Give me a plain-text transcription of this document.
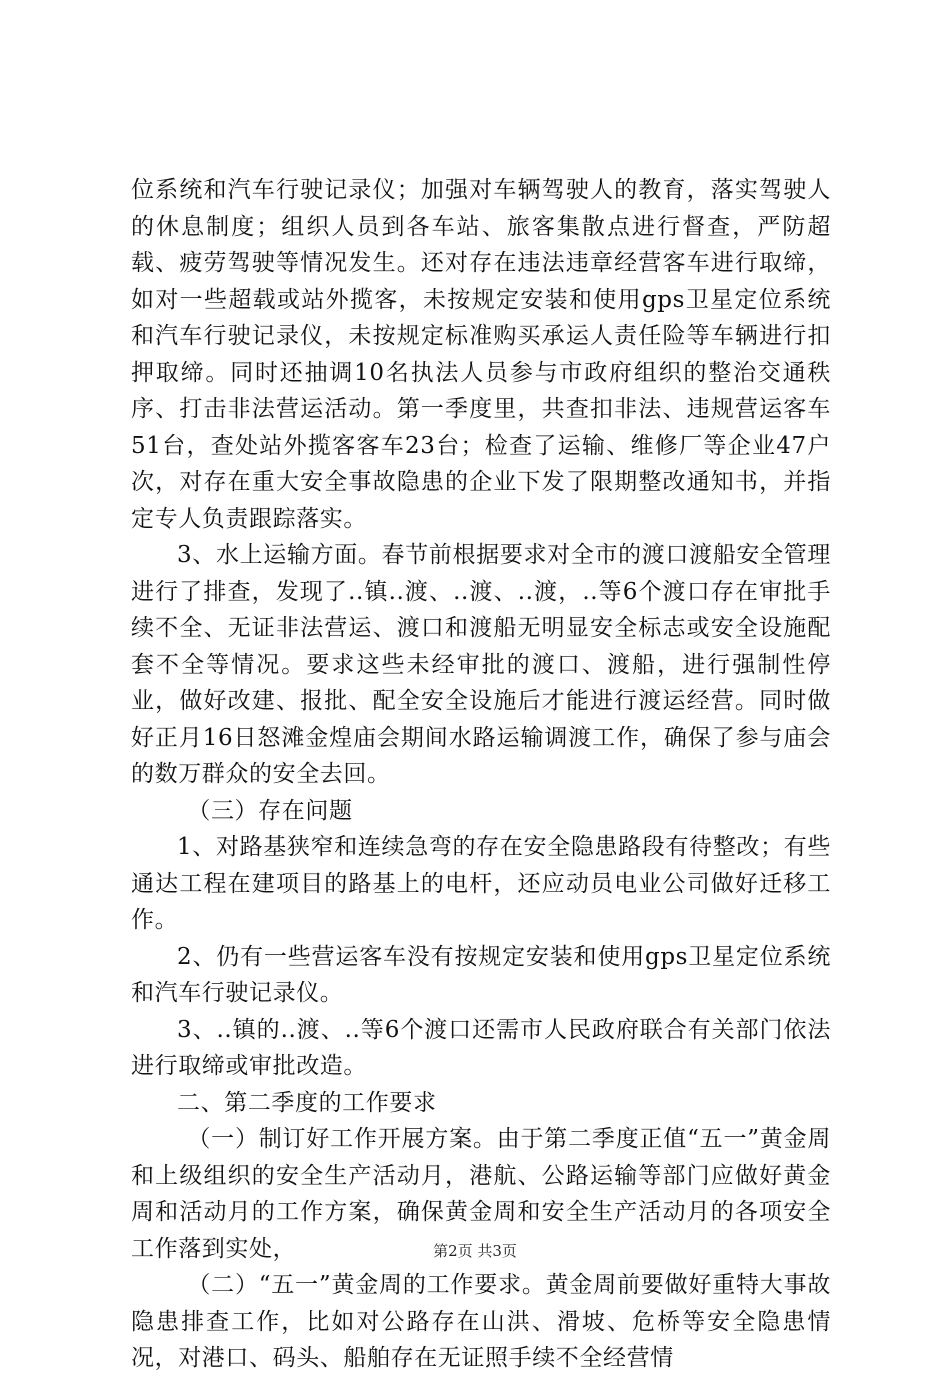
位系统和汽车行驶记录仪；加强对车辆驾驶人的教育，落实驾驶人的休息制度；组织人员到各车站、旅客集散点进行督查，严防超载、疲劳驾驶等情况发生。还对存在违法违章经营客车进行取缔，如对一些超载或站外揽客，未按规定安装和使用gps卫星定位系统和汽车行驶记录仪，未按规定标准购买承运人责任险等车辆进行扣押取缔。同时还抽调10名执法人员参与市政府组织的整治交通秩序、打击非法营运活动。第一季度里，共查扣非法、违规营运客车51台，查处站外揽客客车23台；检查了运输、维修厂等企业47户次，对存在重大安全事故隐患的企业下发了限期整改通知书，并指定专人负责跟踪落实。

3、水上运输方面。春节前根据要求对全市的渡口渡船安全管理进行了排查，发现了..镇..渡、..渡、..渡，..等6个渡口存在审批手续不全、无证非法营运、渡口和渡船无明显安全标志或安全设施配套不全等情况。要求这些未经审批的渡口、渡船，进行强制性停业，做好改建、报批、配全安全设施后才能进行渡运经营。同时做好正月16日怒滩金煌庙会期间水路运输调渡工作，确保了参与庙会的数万群众的安全去回。

（三）存在问题

1、对路基狭窄和连续急弯的存在安全隐患路段有待整改；有些通达工程在建项目的路基上的电杆，还应动员电业公司做好迁移工作。

2、仍有一些营运客车没有按规定安装和使用gps卫星定位系统和汽车行驶记录仪。

3、..镇的..渡、..等6个渡口还需市人民政府联合有关部门依法进行取缔或审批改造。

二、第二季度的工作要求

（一）制订好工作开展方案。由于第二季度正值“五一”黄金周和上级组织的安全生产活动月，港航、公路运输等部门应做好黄金周和活动月的工作方案，确保黄金周和安全生产活动月的各项安全工作落到实处，

（二）“五一”黄金周的工作要求。黄金周前要做好重特大事故隐患排查工作，比如对公路存在山洪、滑坡、危桥等安全隐患情况，对港口、码头、船舶存在无证照手续不全经营情

第2页 共3页
